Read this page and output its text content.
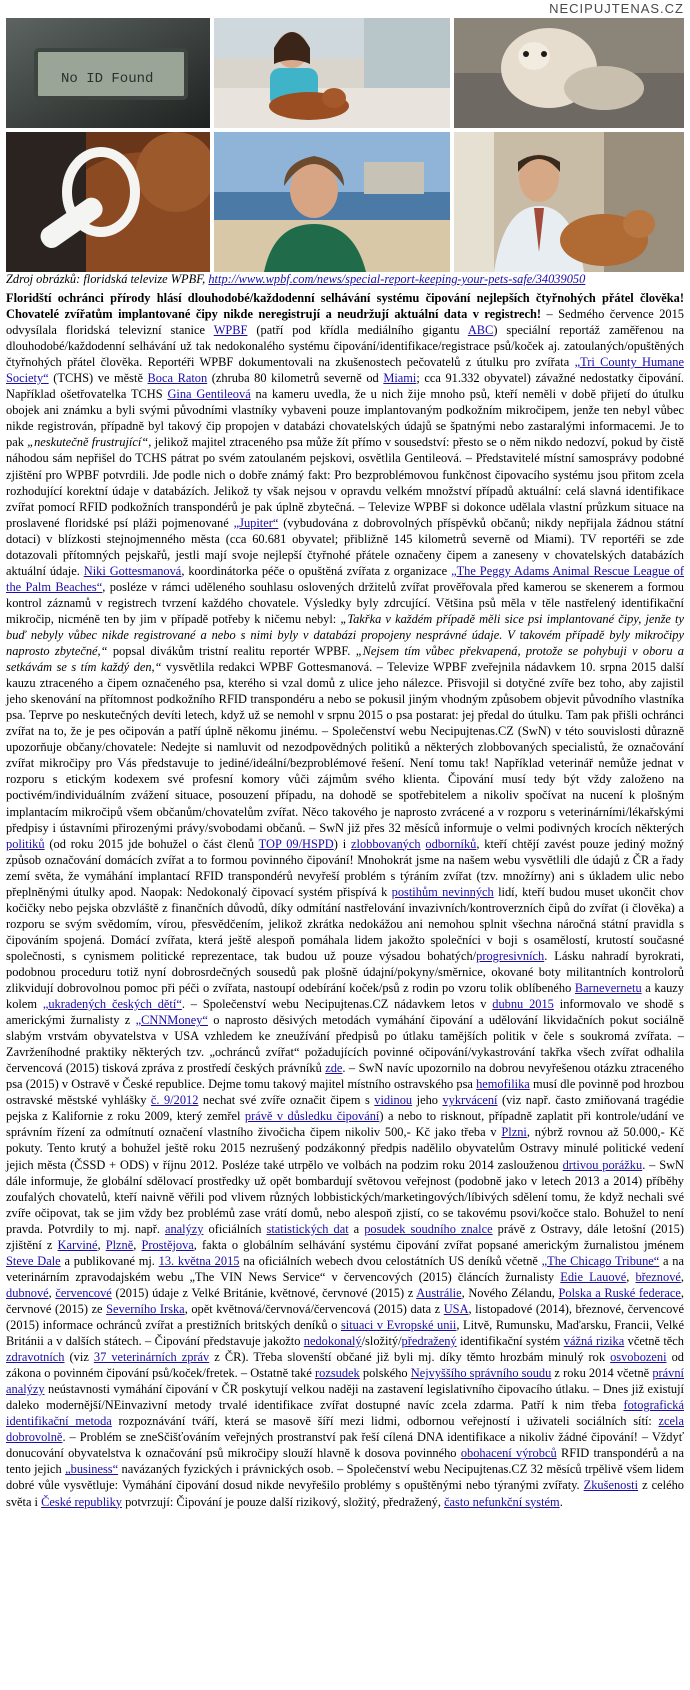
NECIPUJTENAS.CZ
No ID Found
Zdroj obrázků: floridská televize WPBF, http://www.wpbf.com/news/special-report-keeping-your-pets-safe/34039050

Floridští ochránci přírody hlásí dlouhodobé/každodenní selhávání systému čipování nejlepších čtyřnohých přátel člověka! Chovatelé zvířatům implantované čipy nikde neregistrují a neudržují aktuální data v registrech! – Sedmého července 2015 odvysílala floridská televizní stanice WPBF (patří pod křídla mediálního gigantu ABC) speciální reportáž zaměřenou na dlouhodobé/každodenní selhávání už tak nedokonalého systému čipování/identifikace/registrace psů/koček aj. zatoulaných/opuštěných čtyřnohých přátel člověka. Reportéři WPBF dokumentovali na zkušenostech pečovatelů z útulku pro zvířata „Tri County Humane Society“ (TCHS) ve městě Boca Raton (zhruba 80 kilometrů severně od Miami; cca 91.332 obyvatel) závažné nedostatky čipování. Například ošetřovatelka TCHS Gina Gentileová na kameru uvedla, že u nich žije mnoho psů, kteří neměli v době přijetí do útulku obojek ani známku a byli svými původními vlastníky vybaveni pouze implantovaným podkožním mikročipem, jenže ten nebyl vůbec nikde registrován, případně byl takový čip propojen v databázi chovatelských údajů se špatnými nebo zastaralými informacemi. Je to pak „neskutečně frustrující“, jelikož majitel ztraceného psa může žít přímo v sousedství: přesto se o něm nikdo nedozví, pokud by čistě náhodou sám nepřišel do TCHS pátrat po svém zatoulaném pejskovi, osvětlila Gentileová. – Představitelé místní samosprávy podobné zjištění pro WPBF potvrdili. Jde podle nich o dobře známý fakt: Pro bezproblémovou funkčnost čipovacího systému jsou přitom zcela rozhodující korektní údaje v databázích. Jelikož ty však nejsou v opravdu velkém množství případů aktuální: celá slavná identifikace zvířat pomocí RFID podkožních transpondérů je pak úplně zbytečná. – Televize WPBF si dokonce udělala vlastní průzkum situace na proslavené floridské psí pláži pojmenované „Jupiter“ (vybudována z dobrovolných příspěvků občanů; nikdy nepřijala žádnou státní dotaci) v blízkosti stejnojmenného města (cca 60.681 obyvatel; přibližně 145 kilometrů severně od Miami). TV reportéři se zde dotazovali přítomných pejskařů, jestli mají svoje nejlepší čtyřnohé přátele označeny čipem a zaneseny v chovatelských databázích aktuální údaje. Niki Gottesmanová, koordinátorka péče o opuštěná zvířata z organizace „The Peggy Adams Animal Rescue League of the Palm Beaches“, posléze v rámci uděleného souhlasu oslovených držitelů zvířat prověřovala před kamerou se skenerem a formou kontrol záznamů v registrech tvrzení každého chovatele. Výsledky byly zdrcující. Většina psů měla v těle nastřelený identifikační mikročip, nicméně ten by jim v případě potřeby k ničemu nebyl: „Takřka v každém případě měli sice psi implantované čipy, jenže ty buď nebyly vůbec nikde registrované a nebo s nimi byly v databázi propojeny nesprávné údaje. V takovém případě byly mikročipy naprosto zbytečné,“ popsal divákům tristní realitu reportér WPBF. „Nejsem tím vůbec překvapená, protože se pohybuji v oboru a setkávám se s tím každý den,“ vysvětlila redakci WPBF Gottesmanová. – Televize WPBF zveřejnila nádavkem 10. srpna 2015 další kauzu ztraceného a čipem označeného psa, kterého si vzal domů z ulice jeho nálezce. Přisvojil si dotyčné zvíře bez toho, aby zajistil jeho skenování na přítomnost podkožního RFID transpondéru a nebo se pokusil jiným vhodným způsobem objevit původního vlastníka psa. Teprve po neskutečných devíti letech, když už se nemohl v srpnu 2015 o psa postarat: jej předal do útulku. Tam pak přišli ochránci zvířat na to, že je pes očipován a patří úplně někomu jinému. – Společenství webu Necipujtenas.CZ (SwN) v této souvislosti důrazně upozorňuje občany/chovatele: Nedejte si namluvit od nezodpovědných politiků a některých zlobbovaných specialistů, že označování zvířat mikročipy pro Vás představuje to jediné/ideální/bezproblémové řešení. Není tomu tak! Například veterinář nemůže jednat v rozporu s etickým kodexem své profesní komory vůči zájmům svého klienta. Čipování musí tedy být vždy založeno na poctivém/individuálním zvážení situace, posouzení případu, na dohodě se spotřebitelem a nikoliv spočívat na nucení k plošným implantacím mikročipů všem občanům/chovatelům zvířat. Něco takového je naprosto zvrácené a v rozporu s veterinárními/lékařskými předpisy i ústavními přirozenými právy/svobodami občanů. – SwN již přes 32 měsíců informuje o velmi podivných krocích některých politiků (od roku 2015 jde bohužel o část členů TOP 09/HSPD) i zlobbovaných odborníků, kteří chtějí zavést pouze jediný možný způsob označování domácích zvířat a to formou povinného čipování! Mnohokrát jsme na našem webu vysvětlili dle údajů z ČR a řady zemí světa, že vymáhání implantací RFID transpondérů nevyřeší problém s týráním zvířat (tzv. množírny) ani s úkladem ulic nebo přeplněnými útulky apod. Naopak: Nedokonalý čipovací systém přispívá k postihům nevinných lidí, kteří budou muset ukončit chov kočičky nebo pejska obzvláště z finančních důvodů, díky odmítání nastřelování invazivních/kontroverzních čipů do zvířat (i člověka) a rozporu se svým svědomím, vírou, přesvědčením, jelikož zkrátka nedokážou ani nemohou splnit všechna náročná státní pravidla s čipováním spojená. Domácí zvířata, která ještě alespoň pomáhala lidem jakožto společníci v boji s osamělostí, krutostí současné společnosti, s cynismem politické reprezentace, tak budou už pouze výsadou bohatých/progresivních. Lásku nahradí byrokrati, podobnou proceduru totiž nyní dobrosrdečných sousedů pak plošně údajní/pokyny/směrnice, okované boty militantních kontrolorů zlikvidují dobrovolnou pomoc při péči o zvířata, nastoupí odebírání koček/psů z rodin po vzoru tolik oblíbeného Barnevernetu a kauzy kolem „ukradených českých dětí“. – Společenství webu Necipujtenas.CZ nádavkem letos v dubnu 2015 informovalo ve shodě s americkými žurnalisty z „CNNMoney“ o naprosto děsivých metodách vymáhání čipování a udělování likvidačních pokut sociálně slabým vrstvám obyvatelstva v USA vzhledem ke zneužívání předpisů po útlaku tamějších politik v čele s soukromá zvířata. – Zavrženíhodné praktiky některých tzv. „ochránců zvířat“ požadujících povinné očipování/vykastrování takřka všech zvířat odhalila červencová (2015) tisková zpráva z prostředí českých právníků zde. – SwN navíc upozornilo na dobrou nevyřešenou otázku ztraceného psa (2015) v Ostravě v České republice. Dejme tomu takový majitel místního ostravského psa hemofilika musí dle povinně pod hrozbou ostravské městské vyhlášky č. 9/2012 nechat své zvíře označit čipem s vidinou jeho vykrvácení (viz např. často zmiňovaná tragédie pejska z Kalifornie z roku 2009, který zemřel právě v důsledku čipování) a nebo to risknout, případně zaplatit při kontrole/udání ve správním řízení za odmítnutí označení vlastního živočicha čipem nikoliv 500,- Kč jako třeba v Plzni, nýbrž rovnou až 50.000,- Kč pokuty. Tento krutý a bohužel ještě roku 2015 nezrušený podzákonný předpis nadělilo obyvatelům Ostravy minulé politické vedení jejich města (ČSSD + ODS) v říjnu 2012. Posléze také utrpělo ve volbách na podzim roku 2014 zaslouženou drtivou porážku. – SwN dále informuje, že globální sdělovací prostředky už opět bombardují světovou veřejnost (podobně jako v letech 2013 a 2014) příběhy zoufalých chovatelů, kteří naivně věřili pod vlivem různých lobbistických/marketingových/líbivých sdělení tomu, že když nechali své zvíře očipovat, tak se jim vždy bez problémů zase vrátí domů, nebo alespoň zjistí, co se takovému psovi/kočce stalo. Bohužel to není pravda. Potvrdily to mj. např. analýzy oficiálních statistických dat a posudek soudního znalce právě z Ostravy, dále letošní (2015) zjištění z Karviné, Plzně, Prostějova, fakta o globálním selhávání systému čipování zvířat popsané americkým žurnalistou jménem Steve Dale a publikované mj. 13. května 2015 na oficiálních webech dvou celostátních US deníků včetně „The Chicago Tribune“ a na veterinárním zpravodajském webu „The VIN News Service“ v červencových (2015) článcích žurnalisty Edie Lauové, březnové, dubnové, červencové (2015) údaje z Velké Británie, květnové, červnové (2015) z Austrálie, Nového Zélandu, Polska a Ruské federace, červnové (2015) ze Severního Irska, opět květnová/červnová/červencová (2015) data z USA, listopadové (2014), březnové, červencové (2015) informace ochránců zvířat a prestižních britských deníků o situaci v Evropské unii, Litvě, Rumunsku, Maďarsku, Francii, Velké Británii a v dalších státech. – Čipování představuje jakožto nedokonalý/složitý/předražený identifikační systém vážná rizika včetně těch zdravotních (viz 37 veterinárních zpráv z ČR). Třeba slovenští občané již byli mj. díky těmto hrozbám minulý rok osvobozeni od zákona o povinném čipování psů/koček/fretek. – Ostatně také rozsudek polského Nejvyššího správního soudu z roku 2014 včetně právní analýzy neústavnosti vymáhání čipování v ČR poskytují velkou naději na zastavení legislativního čipovacího útlaku. – Dnes již existují daleko modernější/NEinvazivní metody trvalé identifikace zvířat dostupné navíc zcela zdarma. Patří k nim třeba fotografická identifikační metoda rozpoznávání tváří, která se masově šíří mezi lidmi, odbornou veřejností i uživateli sociálních sítí: zcela dobrovolně. – Problém se zneSčišťováním veřejných prostranství pak řeší cílená DNA identifikace a nikoliv žádné čipování! – Vždyť donucování obyvatelstva k označování psů mikročipy slouží hlavně k dosova povinného obohacení výrobců RFID transpondérů a na tento jejich „business“ navázaných fyzických i právnických osob. – Společenství webu Necipujtenas.CZ 32 měsíců trpělivě všem lidem dobré vůle vysvětluje: Vymáhání čipování dosud nikde nevyřešilo problémy s opuštěnými nebo týranými zvířaty. Zkušenosti z celého světa i České republiky potvrzují: Čipování je pouze další rizikový, složitý, předražený, často nefunkční systém.
